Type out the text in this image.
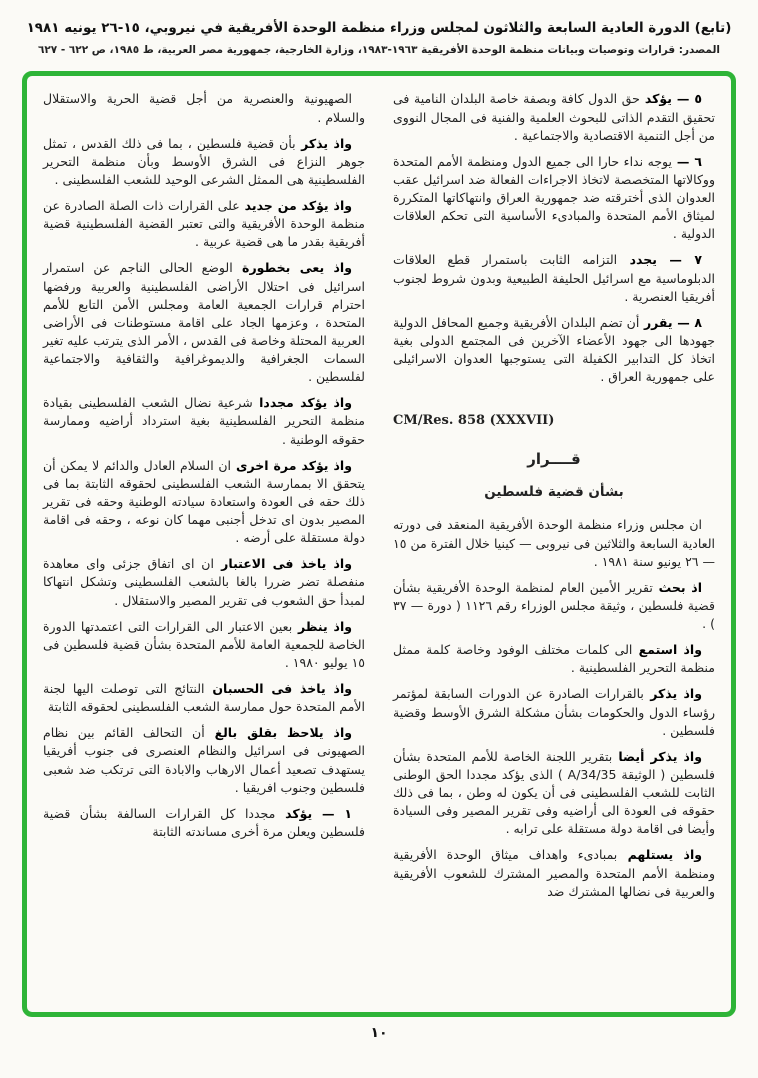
(تابع) الدورة العادية السابعة والثلاثون لمجلس وزراء منظمة الوحدة الأفريقية في نيروبي، ١٥-٢٦ يونيه ١٩٨١
المصدر: قرارات وتوصيات وبيانات منظمة الوحدة الأفريقية ١٩٦٣-١٩٨٣، وزارة الخارجية، جمهورية مصر العربية، ط ١٩٨٥، ص ٦٢٢ - ٦٢٧

٥ — يؤكد حق الدول كافة وبصفة خاصة البلدان النامية فى تحقيق التقدم الذاتى للبحوث العلمية والفنية فى المجال النووى من أجل التنمية الاقتصادية والاجتماعية .

٦ — يوجه نداء حارا الى جميع الدول ومنظمة الأمم المتحدة ووكالاتها المتخصصة لاتخاذ الاجراءات الفعالة ضد اسرائيل عقب العدوان الذى أخترقته ضد جمهورية العراق وانتهاكاتها المتكررة لميثاق الأمم المتحدة والمبادىء الأساسية التى تحكم العلاقات الدولية .

٧ — يجدد التزامه الثابت باستمرار قطع العلاقات الدبلوماسية مع اسرائيل الحليفة الطبيعية وبدون شروط لجنوب أفريقيا العنصرية .

٨ — يقرر أن تضم البلدان الأفريقية وجميع المحافل الدولية جهودها الى جهود الأعضاء الآخرين فى المجتمع الدولى بغية اتخاذ كل التدابير الكفيلة التى يستوجبها العدوان الاسرائيلى على جمهورية العراق .

CM/Res. 858 (XXXVII)
قــــرار
بشأن قضية فلسطين

ان مجلس وزراء منظمة الوحدة الأفريقية المنعقد فى دورته العادية السابعة والثلاثين فى نيروبى — كينيا خلال الفترة من ١٥ — ٢٦ يونيو سنة ١٩٨١ .

اذ بحث تقرير الأمين العام لمنظمة الوحدة الأفريقية بشأن قضية فلسطين ، وثيقة مجلس الوزراء رقم ١١٢٦ ( دورة — ٣٧ ) .

واذ استمع الى كلمات مختلف الوفود وخاصة كلمة ممثل منظمة التحرير الفلسطينية .

واذ يذكر بالقرارات الصادرة عن الدورات السابقة لمؤتمر رؤساء الدول والحكومات بشأن مشكلة الشرق الأوسط وقضية فلسطين .

واذ يذكر أيضا بتقرير اللجنة الخاصة للأمم المتحدة بشأن فلسطين ( الوثيقة A/34/35 ) الذى يؤكد مجددا الحق الوطنى الثابت للشعب الفلسطينى فى أن يكون له وطن ، بما فى ذلك حقوقه فى العودة الى أراضيه وفى تقرير المصير وفى السيادة وأيضا فى اقامة دولة مستقلة على ترابه .

واذ يستلهم بمبادىء واهداف ميثاق الوحدة الأفريقية ومنظمة الأمم المتحدة والمصير المشترك للشعوب الأفريقية والعربية فى نضالها المشترك ضد

الصهيونية والعنصرية من أجل قضية الحرية والاستقلال والسلام .

واذ يذكر بأن قضية فلسطين ، بما فى ذلك القدس ، تمثل جوهر النزاع فى الشرق الأوسط وبأن منظمة التحرير الفلسطينية هى الممثل الشرعى الوحيد للشعب الفلسطينى .

واذ يؤكد من جديد على القرارات ذات الصلة الصادرة عن منظمة الوحدة الأفريقية والتى تعتبر القضية الفلسطينية قضية أفريقية بقدر ما هى قضية عربية .

واذ يعى بخطورة الوضع الحالى الناجم عن استمرار اسرائيل فى احتلال الأراضى الفلسطينية والعربية ورفضها احترام قرارات الجمعية العامة ومجلس الأمن التابع للأمم المتحدة ، وعزمها الجاد على اقامة مستوطنات فى الأراضى العربية المحتلة وخاصة فى القدس ، الأمر الذى يترتب عليه تغير السمات الجغرافية والديموغرافية والثقافية والاجتماعية لفلسطين .

واذ يؤكد مجددا شرعية نضال الشعب الفلسطينى بقيادة منظمة التحرير الفلسطينية بغية استرداد أراضيه وممارسة حقوقه الوطنية .

واذ يؤكد مرة اخرى ان السلام العادل والدائم لا يمكن أن يتحقق الا بممارسة الشعب الفلسطينى لحقوقه الثابتة بما فى ذلك حقه فى العودة واستعادة سيادته الوطنية وحقه فى تقرير المصير بدون اى تدخل أجنبى مهما كان نوعه ، وحقه فى اقامة دولة مستقلة على أرضه .

واذ ياخذ فى الاعتبار ان اى اتفاق جزئى واى معاهدة منفصلة تضر ضررا بالغا بالشعب الفلسطينى وتشكل انتهاكا لمبدأ حق الشعوب فى تقرير المصير والاستقلال .

واذ ينظر بعين الاعتبار الى القرارات التى اعتمدتها الدورة الخاصة للجمعية العامة للأمم المتحدة بشأن قضية فلسطين فى ١٥ يوليو ١٩٨٠ .

واذ ياخذ فى الحسبان النتائج التى توصلت اليها لجنة الأمم المتحدة حول ممارسة الشعب الفلسطينى لحقوقه الثابتة

واذ يلاحظ بقلق بالغ أن التحالف القائم بين نظام الصهيونى فى اسرائيل والنظام العنصرى فى جنوب أفريقيا يستهدف تصعيد أعمال الارهاب والابادة التى ترتكب ضد شعبى فلسطين وجنوب افريقيا .

١ — يؤكد مجددا كل القرارات السالفة بشأن قضية فلسطين ويعلن مرة أخرى مساندته الثابتة

١٠
